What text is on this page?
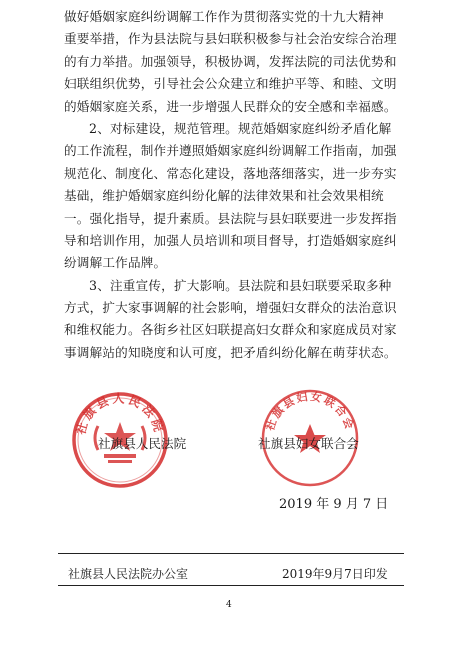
做好婚姻家庭纠纷调解工作作为贯彻落实党的十九大精神
重要举措，作为县法院与县妇联积极参与社会治安综合治理
的有力举措。加强领导，积极协调，发挥法院的司法优势和
妇联组织优势，引导社会公众建立和维护平等、和睦、文明
的婚姻家庭关系，进一步增强人民群众的安全感和幸福感。
2、对标建设，规范管理。规范婚姻家庭纠纷矛盾化解
的工作流程，制作并遵照婚姻家庭纠纷调解工作指南，加强
规范化、制度化、常态化建设，落地落细落实，进一步夯实
基础，维护婚姻家庭纠纷化解的法律效果和社会效果相统
一。强化指导，提升素质。县法院与县妇联要进一步发挥指
导和培训作用，加强人员培训和项目督导，打造婚姻家庭纠
纷调解工作品牌。
3、注重宣传，扩大影响。县法院和县妇联要采取多种
方式，扩大家事调解的社会影响，增强妇女群众的法治意识
和维权能力。各街乡社区妇联提高妇女群众和家庭成员对家
事调解站的知晓度和认可度，把矛盾纠纷化解在萌芽状态。
社旗县人民法院	社旗县妇女联合会
社旗县人民法院	社旗县妇女联合会
2019 年 9 月 7 日
社旗县人民法院办公室	2019年9月7日印发
4
